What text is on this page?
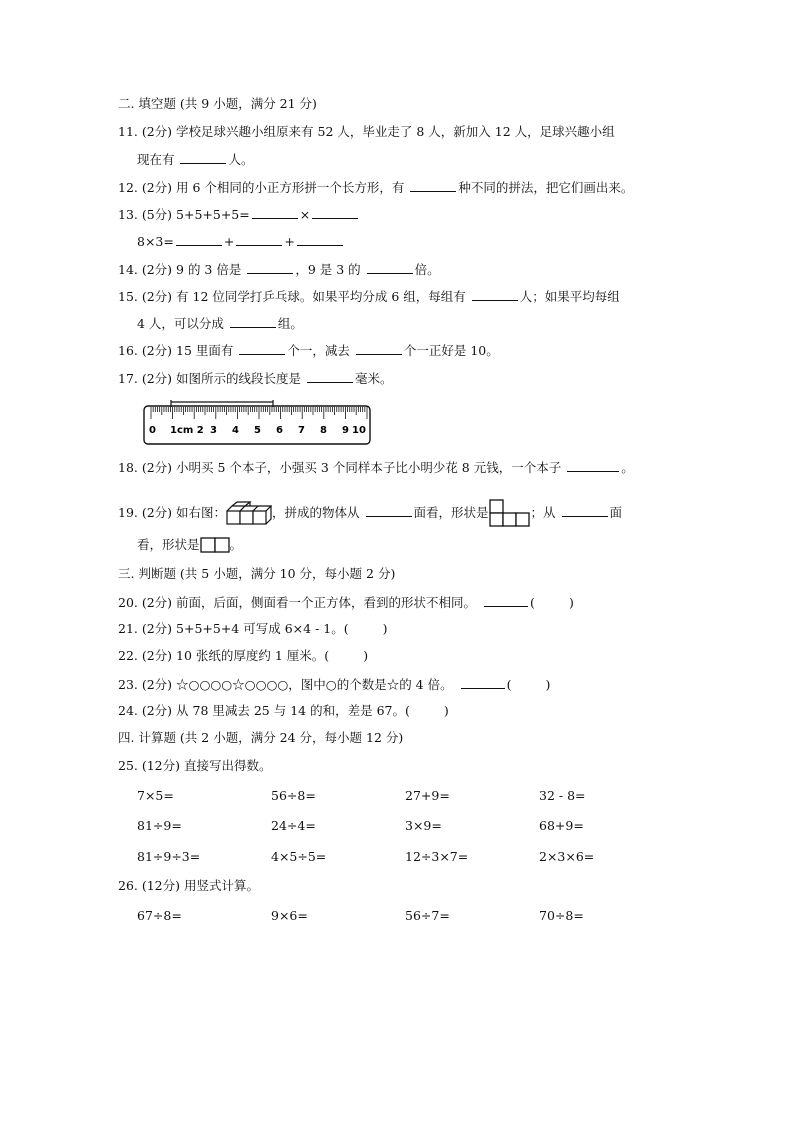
二. 填空题 (共 9 小题，满分 21 分)
11. (2分) 学校足球兴趣小组原来有 52 人，毕业走了 8 人，新加入 12 人，足球兴趣小组
现在有	人。
12. (2分) 用 6 个相同的小正方形拼一个长方形，有	种不同的拼法，把它们画出来。
13. (5分) 5+5+5+5=	×
8×3=	+	+
14. (2分) 9 的 3 倍是	，9 是 3 的	倍。
15. (2分) 有 12 位同学打乒乓球。如果平均分成 6 组，每组有	人；如果平均每组
4 人，可以分成	组。
16. (2分) 15 里面有	个一，减去	个一正好是 10。
17. (2分) 如图所示的线段长度是	毫米。
0 1cm 2 3 4 5 6 7 8 9 10
18. (2分) 小明买 5 个本子，小强买 3 个同样本子比小明少花 8 元钱，一个本子	。
19. (2分) 如右图：	，拼成的物体从	面看，形状是	；从	面
看，形状是 。
三. 判断题 (共 5 小题，满分 10 分，每小题 2 分)
20. (2分) 前面，后面，侧面看一个正方体，看到的形状不相同。	(	)
21. (2分) 5+5+5+4 可写成 6×4 - 1。(	)
22. (2分) 10 张纸的厚度约 1 厘米。(	)
23. (2分) ☆○○○○☆○○○○，图中○的个数是☆的 4 倍。	(	)
24. (2分) 从 78 里减去 25 与 14 的和，差是 67。(	)
四. 计算题 (共 2 小题，满分 24 分，每小题 12 分)
25. (12分) 直接写出得数。
7×5=	56÷8=	27+9=	32 - 8=
81÷9=	24÷4=	3×9=	68+9=
81÷9÷3=	4×5÷5=	12÷3×7=	2×3×6=
26. (12分) 用竖式计算。
67÷8=	9×6=	56÷7=	70÷8=
